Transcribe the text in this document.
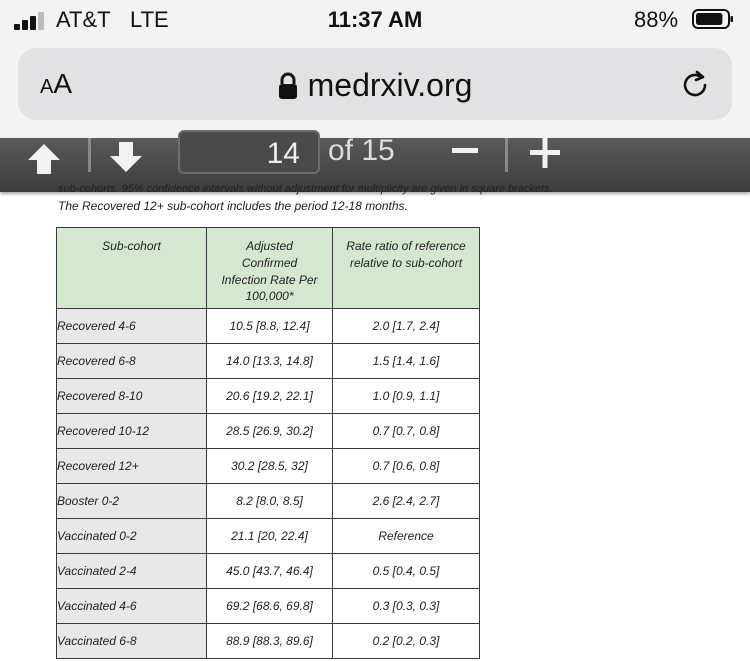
AT&T LTE	11:37 AM	88%
AA	medrxiv.org
14 of 15
sub-cohorts. 95% confidence intervals without adjustment for multiplicity are given in square brackets.
The Recovered 12+ sub-cohort includes the period 12-18 months.
Sub-cohort	Adjusted Confirmed Infection Rate Per 100,000*	Rate ratio of reference relative to sub-cohort
Recovered 4-6	10.5 [8.8, 12.4]	2.0 [1.7, 2.4]
Recovered 6-8	14.0 [13.3, 14.8]	1.5 [1.4, 1.6]
Recovered 8-10	20.6 [19.2, 22.1]	1.0 [0.9, 1.1]
Recovered 10-12	28.5 [26.9, 30.2]	0.7 [0.7, 0.8]
Recovered 12+	30.2 [28.5, 32]	0.7 [0.6, 0.8]
Booster 0-2	8.2 [8.0, 8.5]	2.6 [2.4, 2.7]
Vaccinated 0-2	21.1 [20, 22.4]	Reference
Vaccinated 2-4	45.0 [43.7, 46.4]	0.5 [0.4, 0.5]
Vaccinated 4-6	69.2 [68.6, 69.8]	0.3 [0.3, 0.3]
Vaccinated 6-8	88.9 [88.3, 89.6]	0.2 [0.2, 0.3]
